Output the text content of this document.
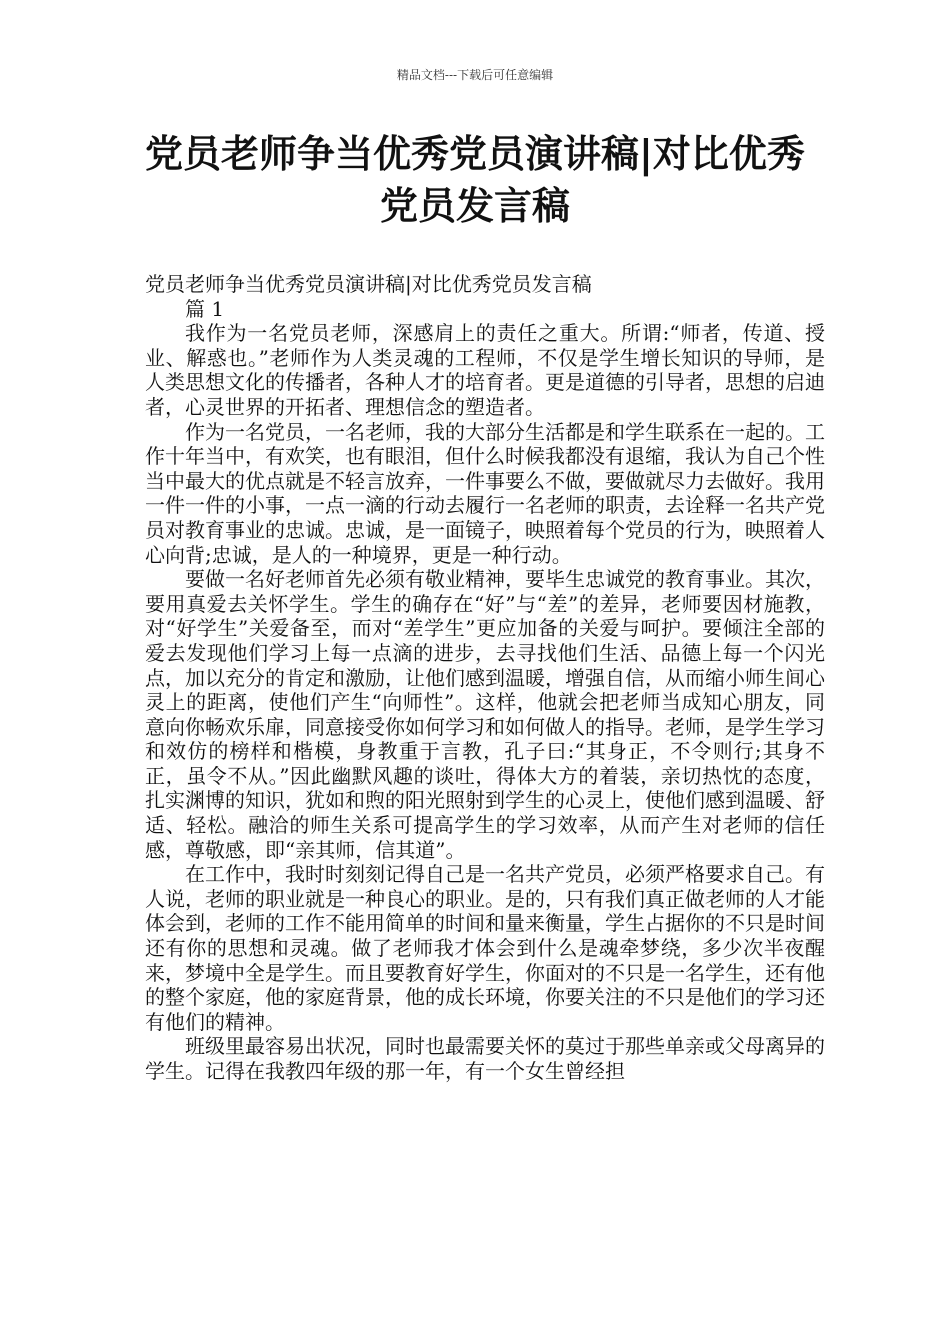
精品文档---下载后可任意编辑
党员老师争当优秀党员演讲稿|对比优秀党员发言稿

党员老师争当优秀党员演讲稿|对比优秀党员发言稿

篇 1

我作为一名党员老师，深感肩上的责任之重大。所谓:“师者，传道、授业、解惑也。”老师作为人类灵魂的工程师，不仅是学生增长知识的导师，是人类思想文化的传播者，各种人才的培育者。更是道德的引导者，思想的启迪者，心灵世界的开拓者、理想信念的塑造者。

作为一名党员，一名老师，我的大部分生活都是和学生联系在一起的。工作十年当中，有欢笑，也有眼泪，但什么时候我都没有退缩，我认为自己个性当中最大的优点就是不轻言放弃，一件事要么不做，要做就尽力去做好。我用一件一件的小事，一点一滴的行动去履行一名老师的职责，去诠释一名共产党员对教育事业的忠诚。忠诚，是一面镜子，映照着每个党员的行为，映照着人心向背;忠诚，是人的一种境界，更是一种行动。

要做一名好老师首先必须有敬业精神，要毕生忠诚党的教育事业。其次，要用真爱去关怀学生。学生的确存在“好”与“差”的差异，老师要因材施教，对“好学生”关爱备至，而对“差学生”更应加备的关爱与呵护。要倾注全部的爱去发现他们学习上每一点滴的进步，去寻找他们生活、品德上每一个闪光点，加以充分的肯定和激励，让他们感到温暖，增强自信，从而缩小师生间心灵上的距离，使他们产生“向师性”。这样，他就会把老师当成知心朋友，同意向你畅欢乐扉，同意接受你如何学习和如何做人的指导。老师，是学生学习和效仿的榜样和楷模，身教重于言教，孔子曰:“其身正，不令则行;其身不正，虽令不从。”因此幽默风趣的谈吐，得体大方的着装，亲切热忱的态度，扎实渊博的知识，犹如和煦的阳光照射到学生的心灵上，使他们感到温暖、舒适、轻松。融洽的师生关系可提高学生的学习效率，从而产生对老师的信任感，尊敬感，即“亲其师，信其道”。

在工作中，我时时刻刻记得自己是一名共产党员，必须严格要求自己。有人说，老师的职业就是一种良心的职业。是的，只有我们真正做老师的人才能体会到，老师的工作不能用简单的时间和量来衡量，学生占据你的不只是时间还有你的思想和灵魂。做了老师我才体会到什么是魂牵梦绕，多少次半夜醒来，梦境中全是学生。而且要教育好学生，你面对的不只是一名学生，还有他的整个家庭，他的家庭背景，他的成长环境，你要关注的不只是他们的学习还有他们的精神。

班级里最容易出状况，同时也最需要关怀的莫过于那些单亲或父母离异的学生。记得在我教四年级的那一年，有一个女生曾经担
